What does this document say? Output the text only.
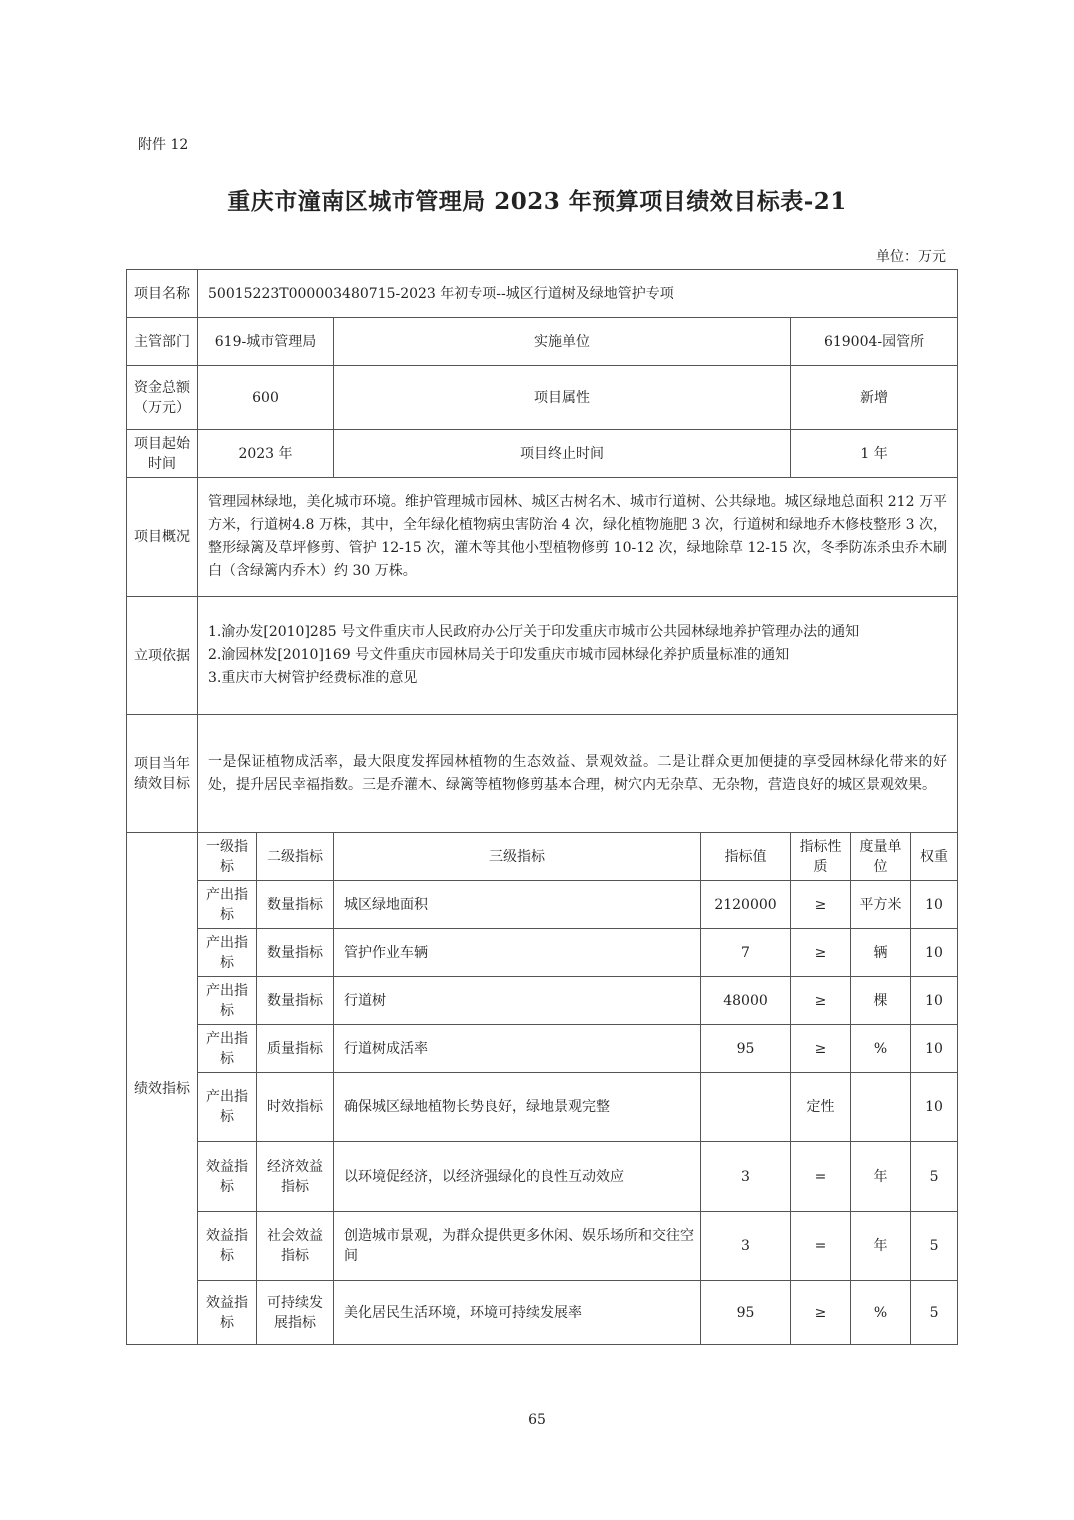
附件 12
重庆市潼南区城市管理局 2023 年预算项目绩效目标表-21
单位：万元
项目名称	50015223T000003480715-2023 年初专项--城区行道树及绿地管护专项						
主管部门	619-城市管理局		实施单位		619004-园管所		
资金总额（万元）	600		项目属性		新增		
项目起始时间	2023 年		项目终止时间		1 年		
项目概况	管理园林绿地，美化城市环境。维护管理城市园林、城区古树名木、城市行道树、公共绿地。城区绿地总面积 212 万平方米，行道树4.8 万株，其中，全年绿化植物病虫害防治 4 次，绿化植物施肥 3 次，行道树和绿地乔木修枝整形 3 次，整形绿篱及草坪修剪、管护 12-15 次，灌木等其他小型植物修剪 10-12 次，绿地除草 12-15 次，冬季防冻杀虫乔木刷白（含绿篱内乔木）约 30 万株。						
立项依据	1.渝办发[2010]285 号文件重庆市人民政府办公厅关于印发重庆市城市公共园林绿地养护管理办法的通知
2.渝园林发[2010]169 号文件重庆市园林局关于印发重庆市城市园林绿化养护质量标准的通知
3.重庆市大树管护经费标准的意见						

项目当年绩效目标	一是保证植物成活率，最大限度发挥园林植物的生态效益、景观效益。二是让群众更加便捷的享受园林绿化带来的好处，提升居民幸福指数。三是乔灌木、绿篱等植物修剪基本合理，树穴内无杂草、无杂物，营造良好的城区景观效果。						
绩效指标	一级指标	二级指标	三级指标	指标值	指标性质	度量单位	权重
	产出指标	数量指标	城区绿地面积	2120000	≥	平方米	10
	产出指标	数量指标	管护作业车辆	7	≥	辆	10
	产出指标	数量指标	行道树	48000	≥	棵	10
	产出指标	质量指标	行道树成活率	95	≥	%	10
	产出指标	时效指标	确保城区绿地植物长势良好，绿地景观完整		定性		10
	效益指标	经济效益指标	以环境促经济，以经济强绿化的良性互动效应	3	=	年	5
	效益指标	社会效益指标	创造城市景观，为群众提供更多休闲、娱乐场所和交往空间	3	=	年	5
	效益指标	可持续发展指标	美化居民生活环境，环境可持续发展率	95	≥	%	5
65
